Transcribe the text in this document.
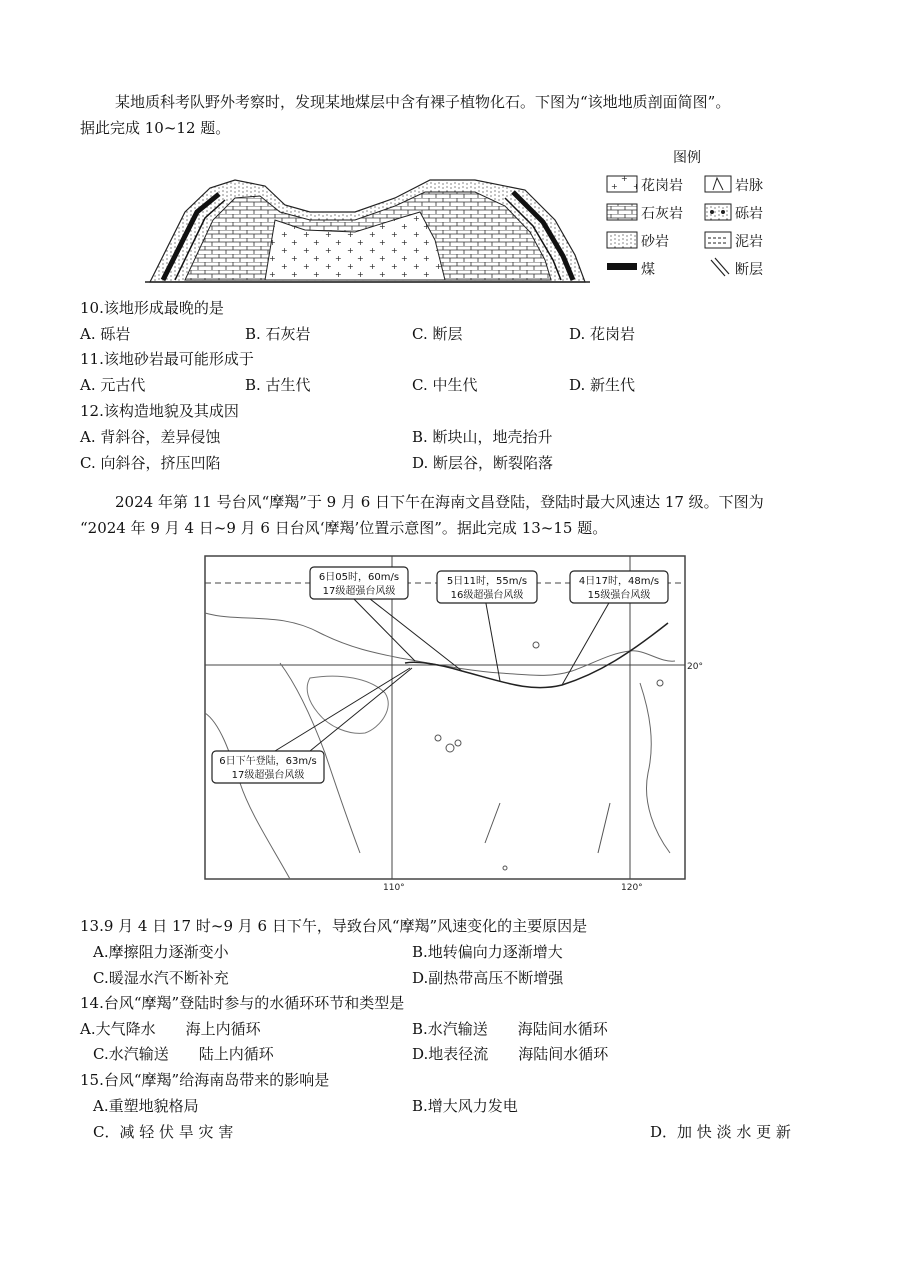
某地质科考队野外考察时，发现某地煤层中含有裸子植物化石。下图为“该地地质剖面简图”。
据此完成 10~12 题。
图例
花岗岩	岩脉
石灰岩	砾岩
砂岩	泥岩
煤	断层
10.该地形成最晚的是
A. 砾岩	B. 石灰岩	C. 断层	D. 花岗岩
11.该地砂岩最可能形成于
A. 元古代	B. 古生代	C. 中生代	D. 新生代
12.该构造地貌及其成因
A. 背斜谷，差异侵蚀	B. 断块山，地壳抬升
C. 向斜谷，挤压凹陷	D. 断层谷，断裂陷落
2024 年第 11 号台风“摩羯”于 9 月 6 日下午在海南文昌登陆，登陆时最大风速达 17 级。下图为
“2024 年 9 月 4 日~9 月 6 日台风‘摩羯’位置示意图”。据此完成 13~15 题。
6日05时，60m/s
17级超强台风级
5日11时，55m/s
16级超强台风级
4日17时，48m/s
15级强台风级
6日下午登陆，63m/s
17级超强台风级
20°
110°	120°
13.9 月 4 日 17 时~9 月 6 日下午，导致台风“摩羯”风速变化的主要原因是
A.摩擦阻力逐渐变小	B.地转偏向力逐渐增大
C.暖湿水汽不断补充	D.副热带高压不断增强
14.台风“摩羯”登陆时参与的水循环环节和类型是
A.大气降水　　海上内循环	B.水汽输送　　海陆间水循环
C.水汽输送　　陆上内循环	D.地表径流　　海陆间水循环
15.台风“摩羯”给海南岛带来的影响是
A.重塑地貌格局	B.增大风力发电
C．减 轻 伏 旱 灾 害	D．加 快 淡 水 更 新
